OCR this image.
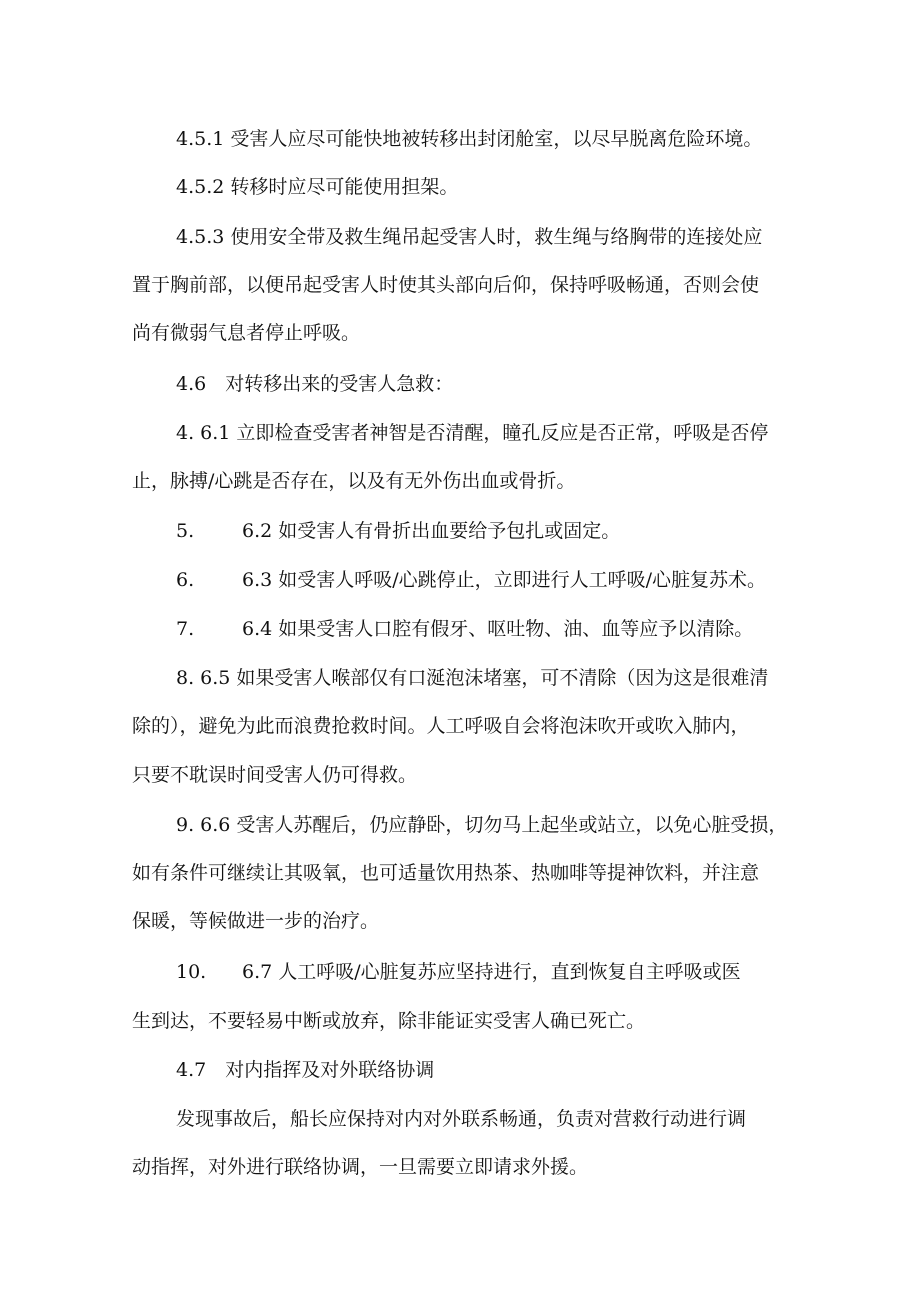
4.5.1 受害人应尽可能快地被转移出封闭舱室，以尽早脱离危险环境。
4.5.2 转移时应尽可能使用担架。
4.5.3 使用安全带及救生绳吊起受害人时，救生绳与络胸带的连接处应
置于胸前部，以便吊起受害人时使其头部向后仰，保持呼吸畅通，否则会使
尚有微弱气息者停止呼吸。
4.6　对转移出来的受害人急救：
4. 6.1 立即检查受害者神智是否清醒，瞳孔反应是否正常，呼吸是否停
止，脉搏/心跳是否存在，以及有无外伤出血或骨折。
5.	6.2 如受害人有骨折出血要给予包扎或固定。
6.	6.3 如受害人呼吸/心跳停止，立即进行人工呼吸/心脏复苏术。
7.	6.4 如果受害人口腔有假牙、呕吐物、油、血等应予以清除。
8. 6.5 如果受害人喉部仅有口涎泡沫堵塞，可不清除（因为这是很难清
除的），避免为此而浪费抢救时间。人工呼吸自会将泡沫吹开或吹入肺内，
只要不耽误时间受害人仍可得救。
9. 6.6 受害人苏醒后，仍应静卧，切勿马上起坐或站立，以免心脏受损，
如有条件可继续让其吸氧，也可适量饮用热茶、热咖啡等提神饮料，并注意
保暖，等候做进一步的治疗。
10. 6.7 人工呼吸/心脏复苏应坚持进行，直到恢复自主呼吸或医
生到达，不要轻易中断或放弃，除非能证实受害人确已死亡。
4.7　对内指挥及对外联络协调
发现事故后，船长应保持对内对外联系畅通，负责对营救行动进行调
动指挥，对外进行联络协调，一旦需要立即请求外援。
